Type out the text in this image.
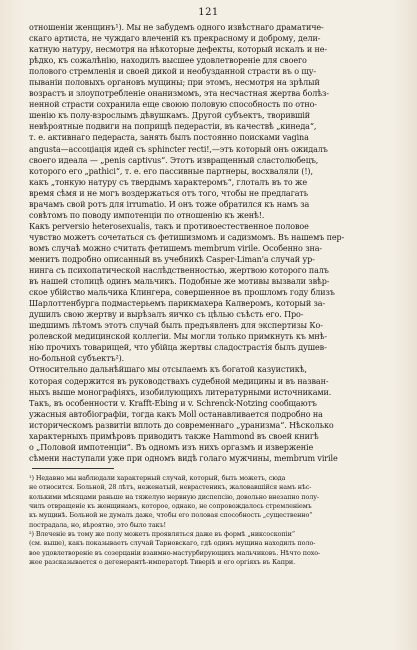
121
отношеніи женщинъ¹). Мы не забудемъ одного извѣстнаго драматиче-
скаго артиста, не чуждаго влеченій къ прекрасному и доброму, дели-
катную натуру, несмотря на нѣкоторые дефекты, который искалъ и не-
рѣдко, къ сожалѣнію, находилъ высшее удовлетвореніе для своего
полового стремленія и своей дикой и необузданной страсти въ о щу-
пываніи половыхъ органовъ мущины; при этомъ, несмотря на зрѣлый
возрастъ и злоупотребленіе онанизмомъ, эта несчастная жертва болѣз-
ненной страсти сохранила еще своюю половую способность по отно-
шенію къ полу-взрослымъ дѣвушкамъ. Другой субъектъ, творившій
невѣроятные подвиги на поприщѣ педерастіи, въ качествѣ „кинеда“,
т. е. активнаго педераста, занять былъ постоянно поисками vagina
angusta—ассоціація идей съ sphincter recti!,—этъ который онъ ожидалъ
своего идеала — „penis captivus“. Этотъ извращенный сластолюбецъ,
которого его „pathici“, т. е. его пассивные партнеры, восхваляли (!),
какъ „тонкую натуру съ твердымъ характеромъ“, глоталъ въ то же
время сѣмя и не могъ воздержаться отъ того, чтобы не предлагать
врачамъ свой ротъ для irrumatio. И онъ тоже обратился къ намъ за
совѣтомъ по поводу импотенціи по отношенію къ женѣ!.
Какъ perversio heterosexualis, такъ и противоестественное половое
чувство можетъ сочетаться съ фетишизмомъ и садизмомъ. Въ нашемъ пер-
вомъ случаѣ можно считать фетишемъ membrum virile. Особенно зна-
менитъ подробно описанный въ учебникѣ Casper-Liman'а случай ур-
нинга съ психопатической наслѣдственностью, жертвою которого палъ
въ нашей столицѣ одинъ мальчикъ. Подобные же мотивы вызвали звѣр-
ское убійство мальчика Клингера, совершенное въ прошломъ году близъ
Шарлоттенбурга подмастерьемъ парикмахера Калверомъ, который за-
душилъ свою жертву и вырѣзалъ яичко съ цѣлью съѣсть его. Про-
шедшимъ лѣтомъ этотъ случай былъ предъявленъ для экспертизы Ко-
ролевской медицинской коллегіи. Мы могли только примкнуть къ мнѣ-
нію прочихъ товарищей, что убійца жертвы сладострастія былъ душев-
но-больной субъектъ²).
Относительно дальнѣйшаго мы отсылаемъ къ богатой казуистикѣ,
которая содержится въ руководствахъ судебной медицины и въ назван-
ныхъ выше монографіяхъ, изобилующихъ литературными источниками.
Такъ, въ особенности v. Krafft-Ebing и v. Schrenck-Notzing сообщаютъ
ужасныя автобіографіи, тогда какъ Moll останавливается подробно на
историческомъ развитіи вплоть до современнаго „уранизма“. Нѣсколько
характерныхъ примѣровъ приводитъ также Hammond въ своей книгѣ
о „Половой импотенціи“. Въ одномъ изъ нихъ оргазмъ и изверженіе
сѣмени наступали уже при одномъ видѣ голаго мужчины, membrum virile
¹) Недавно мы наблюдали характерный случай, который, быть можетъ, сюда
не относится. Больной, 28 лѣтъ, неженатый, неврастеникъ, жаловавшійся намъ нѣс-
колькими мѣсяцами раньше на тяжелую нервную диспепсію, довольно внезапно полу-
чилъ отвращеніе къ женщинамъ, которое, однако, не сопровождалось стремленіемъ
къ мущинѣ. Больной не думалъ даже, чтобы его половая способность „существенно“
пострадала, но, вѣроятно, это было такъ!
²) Влеченіе въ тому же полу можетъ проявляться даже въ формѣ „никсоскопіи“
(см. выше), какъ показываетъ случай Тарновскаго, гдѣ одинъ мущина находилъ поло-
вое удовлетвореніе въ созерцаніи взаимно-мастурбирующихъ мальчиковъ. Нѣчто похо-
жее разсказывается о дегенерантѣ-императорѣ Тиверіѣ и его оргіяхъ въ Капри.
